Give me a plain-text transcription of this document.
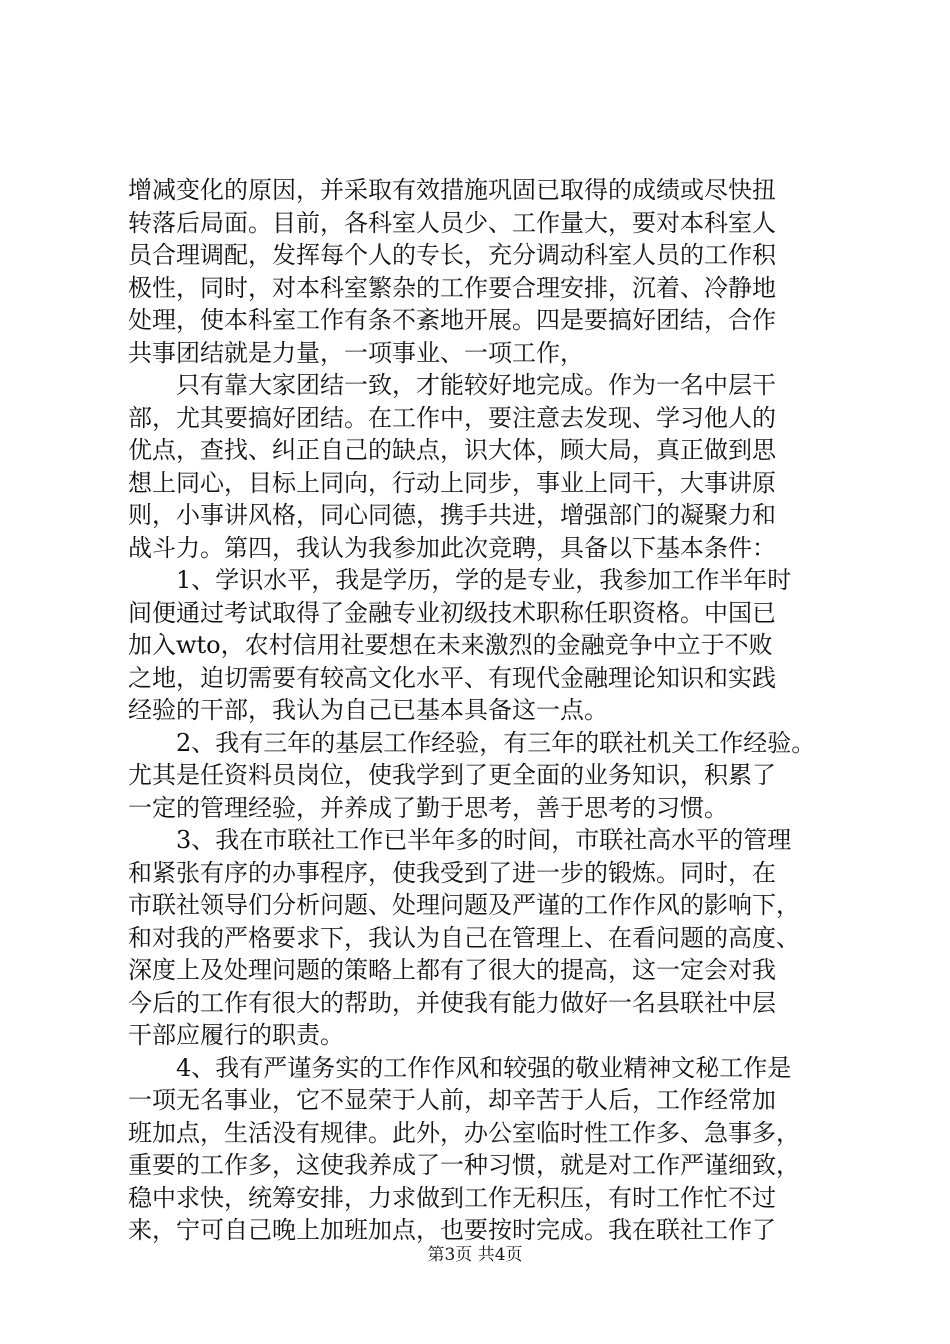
增减变化的原因，并采取有效措施巩固已取得的成绩或尽快扭
转落后局面。目前，各科室人员少、工作量大，要对本科室人
员合理调配，发挥每个人的专长，充分调动科室人员的工作积
极性，同时，对本科室繁杂的工作要合理安排，沉着、冷静地
处理，使本科室工作有条不紊地开展。四是要搞好团结，合作
共事团结就是力量，一项事业、一项工作，
只有靠大家团结一致，才能较好地完成。作为一名中层干
部，尤其要搞好团结。在工作中，要注意去发现、学习他人的
优点，查找、纠正自己的缺点，识大体，顾大局，真正做到思
想上同心，目标上同向，行动上同步，事业上同干，大事讲原
则，小事讲风格，同心同德，携手共进，增强部门的凝聚力和
战斗力。第四，我认为我参加此次竞聘，具备以下基本条件：
1、学识水平，我是学历，学的是专业，我参加工作半年时
间便通过考试取得了金融专业初级技术职称任职资格。中国已
加入wto，农村信用社要想在未来激烈的金融竞争中立于不败
之地，迫切需要有较高文化水平、有现代金融理论知识和实践
经验的干部，我认为自己已基本具备这一点。
2、我有三年的基层工作经验，有三年的联社机关工作经验。
尤其是任资料员岗位，使我学到了更全面的业务知识，积累了
一定的管理经验，并养成了勤于思考，善于思考的习惯。
3、我在市联社工作已半年多的时间，市联社高水平的管理
和紧张有序的办事程序，使我受到了进一步的锻炼。同时，在
市联社领导们分析问题、处理问题及严谨的工作作风的影响下，
和对我的严格要求下，我认为自己在管理上、在看问题的高度、
深度上及处理问题的策略上都有了很大的提高，这一定会对我
今后的工作有很大的帮助，并使我有能力做好一名县联社中层
干部应履行的职责。
4、我有严谨务实的工作作风和较强的敬业精神文秘工作是
一项无名事业，它不显荣于人前，却辛苦于人后，工作经常加
班加点，生活没有规律。此外，办公室临时性工作多、急事多，
重要的工作多，这使我养成了一种习惯，就是对工作严谨细致，
稳中求快，统筹安排，力求做到工作无积压，有时工作忙不过
来，宁可自己晚上加班加点，也要按时完成。我在联社工作了
第3页 共4页
